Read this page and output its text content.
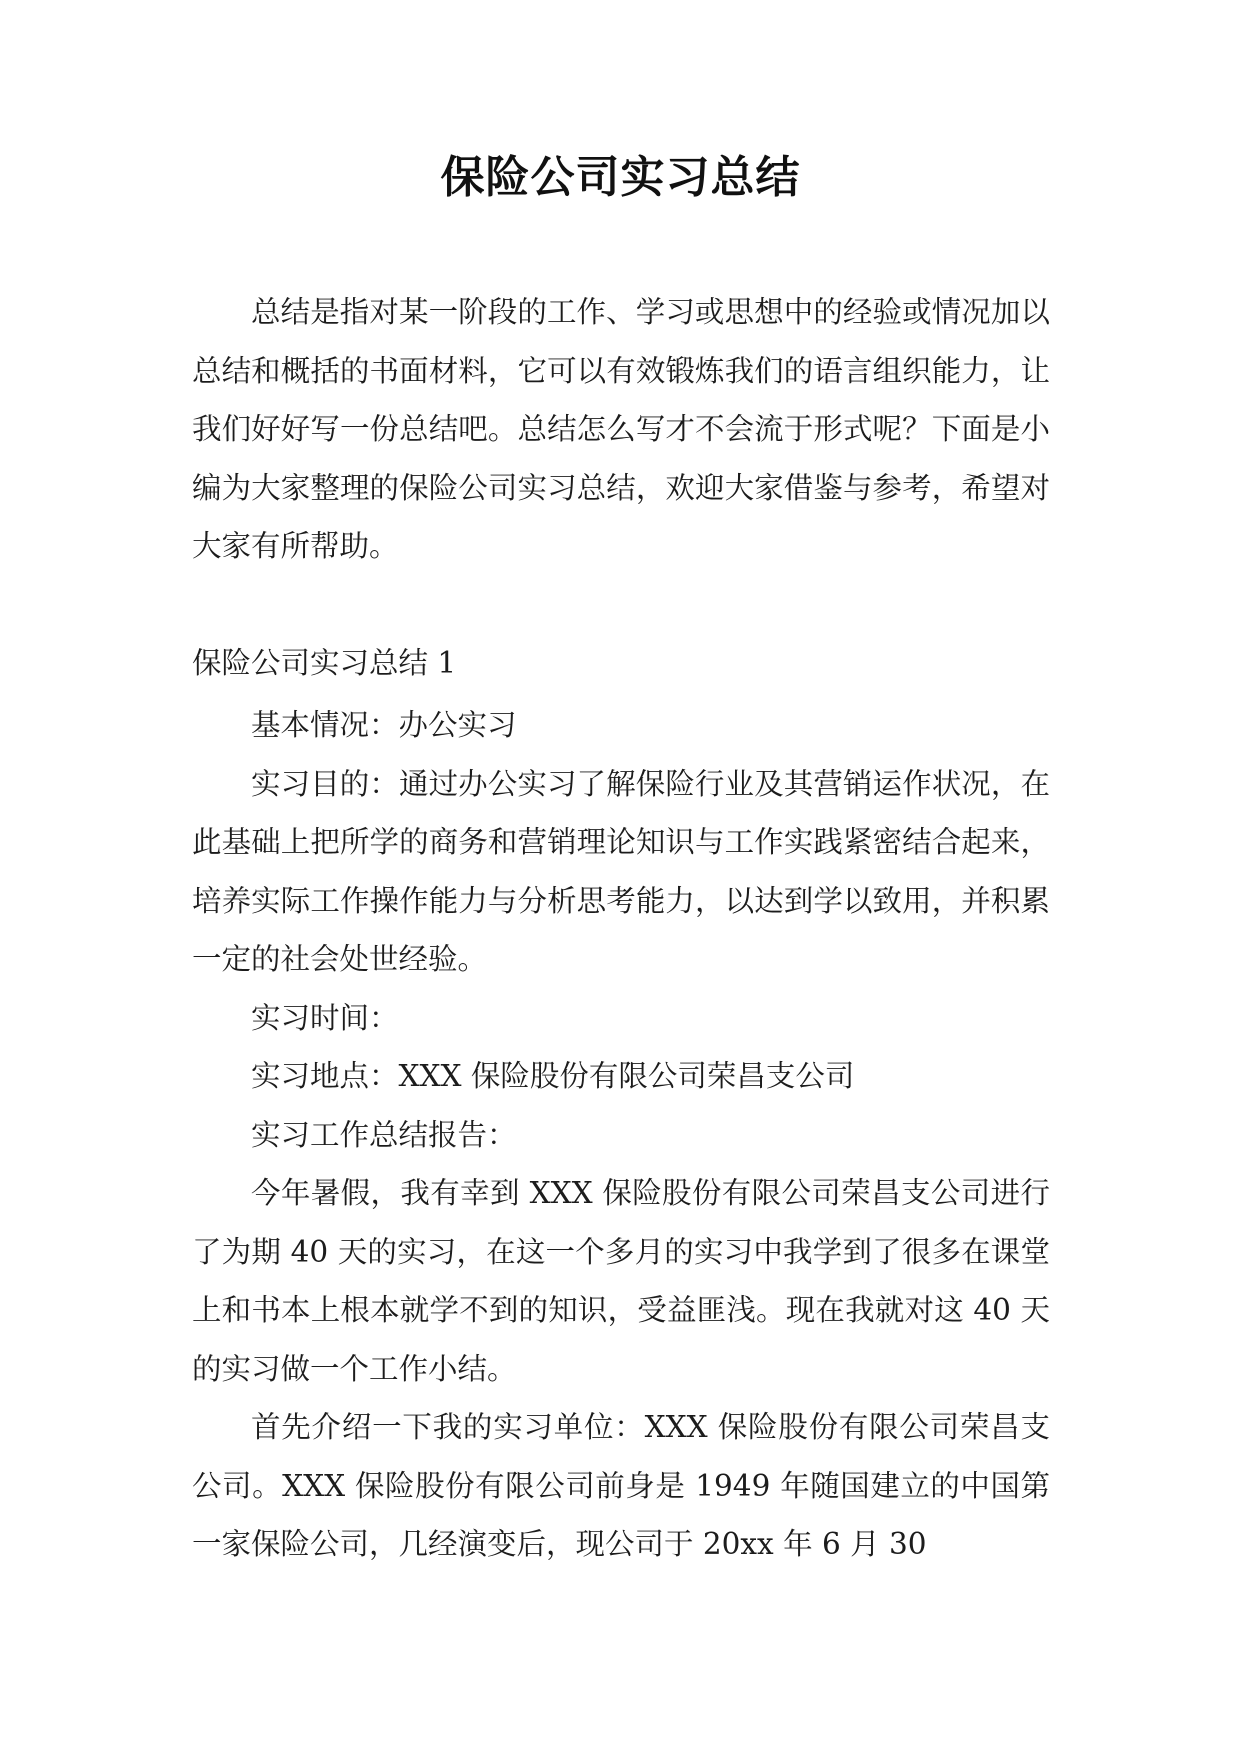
保险公司实习总结

总结是指对某一阶段的工作、学习或思想中的经验或情况加以总结和概括的书面材料，它可以有效锻炼我们的语言组织能力，让我们好好写一份总结吧。总结怎么写才不会流于形式呢？下面是小编为大家整理的保险公司实习总结，欢迎大家借鉴与参考，希望对大家有所帮助。

保险公司实习总结 1

基本情况：办公实习

实习目的：通过办公实习了解保险行业及其营销运作状况，在此基础上把所学的商务和营销理论知识与工作实践紧密结合起来，培养实际工作操作能力与分析思考能力，以达到学以致用，并积累一定的社会处世经验。

实习时间：

实习地点：XXX 保险股份有限公司荣昌支公司

实习工作总结报告：

今年暑假，我有幸到 XXX 保险股份有限公司荣昌支公司进行了为期 40 天的实习，在这一个多月的实习中我学到了很多在课堂上和书本上根本就学不到的知识，受益匪浅。现在我就对这 40 天的实习做一个工作小结。

首先介绍一下我的实习单位：XXX 保险股份有限公司荣昌支公司。XXX 保险股份有限公司前身是 1949 年随国建立的中国第一家保险公司，几经演变后，现公司于 20xx 年 6 月 30
